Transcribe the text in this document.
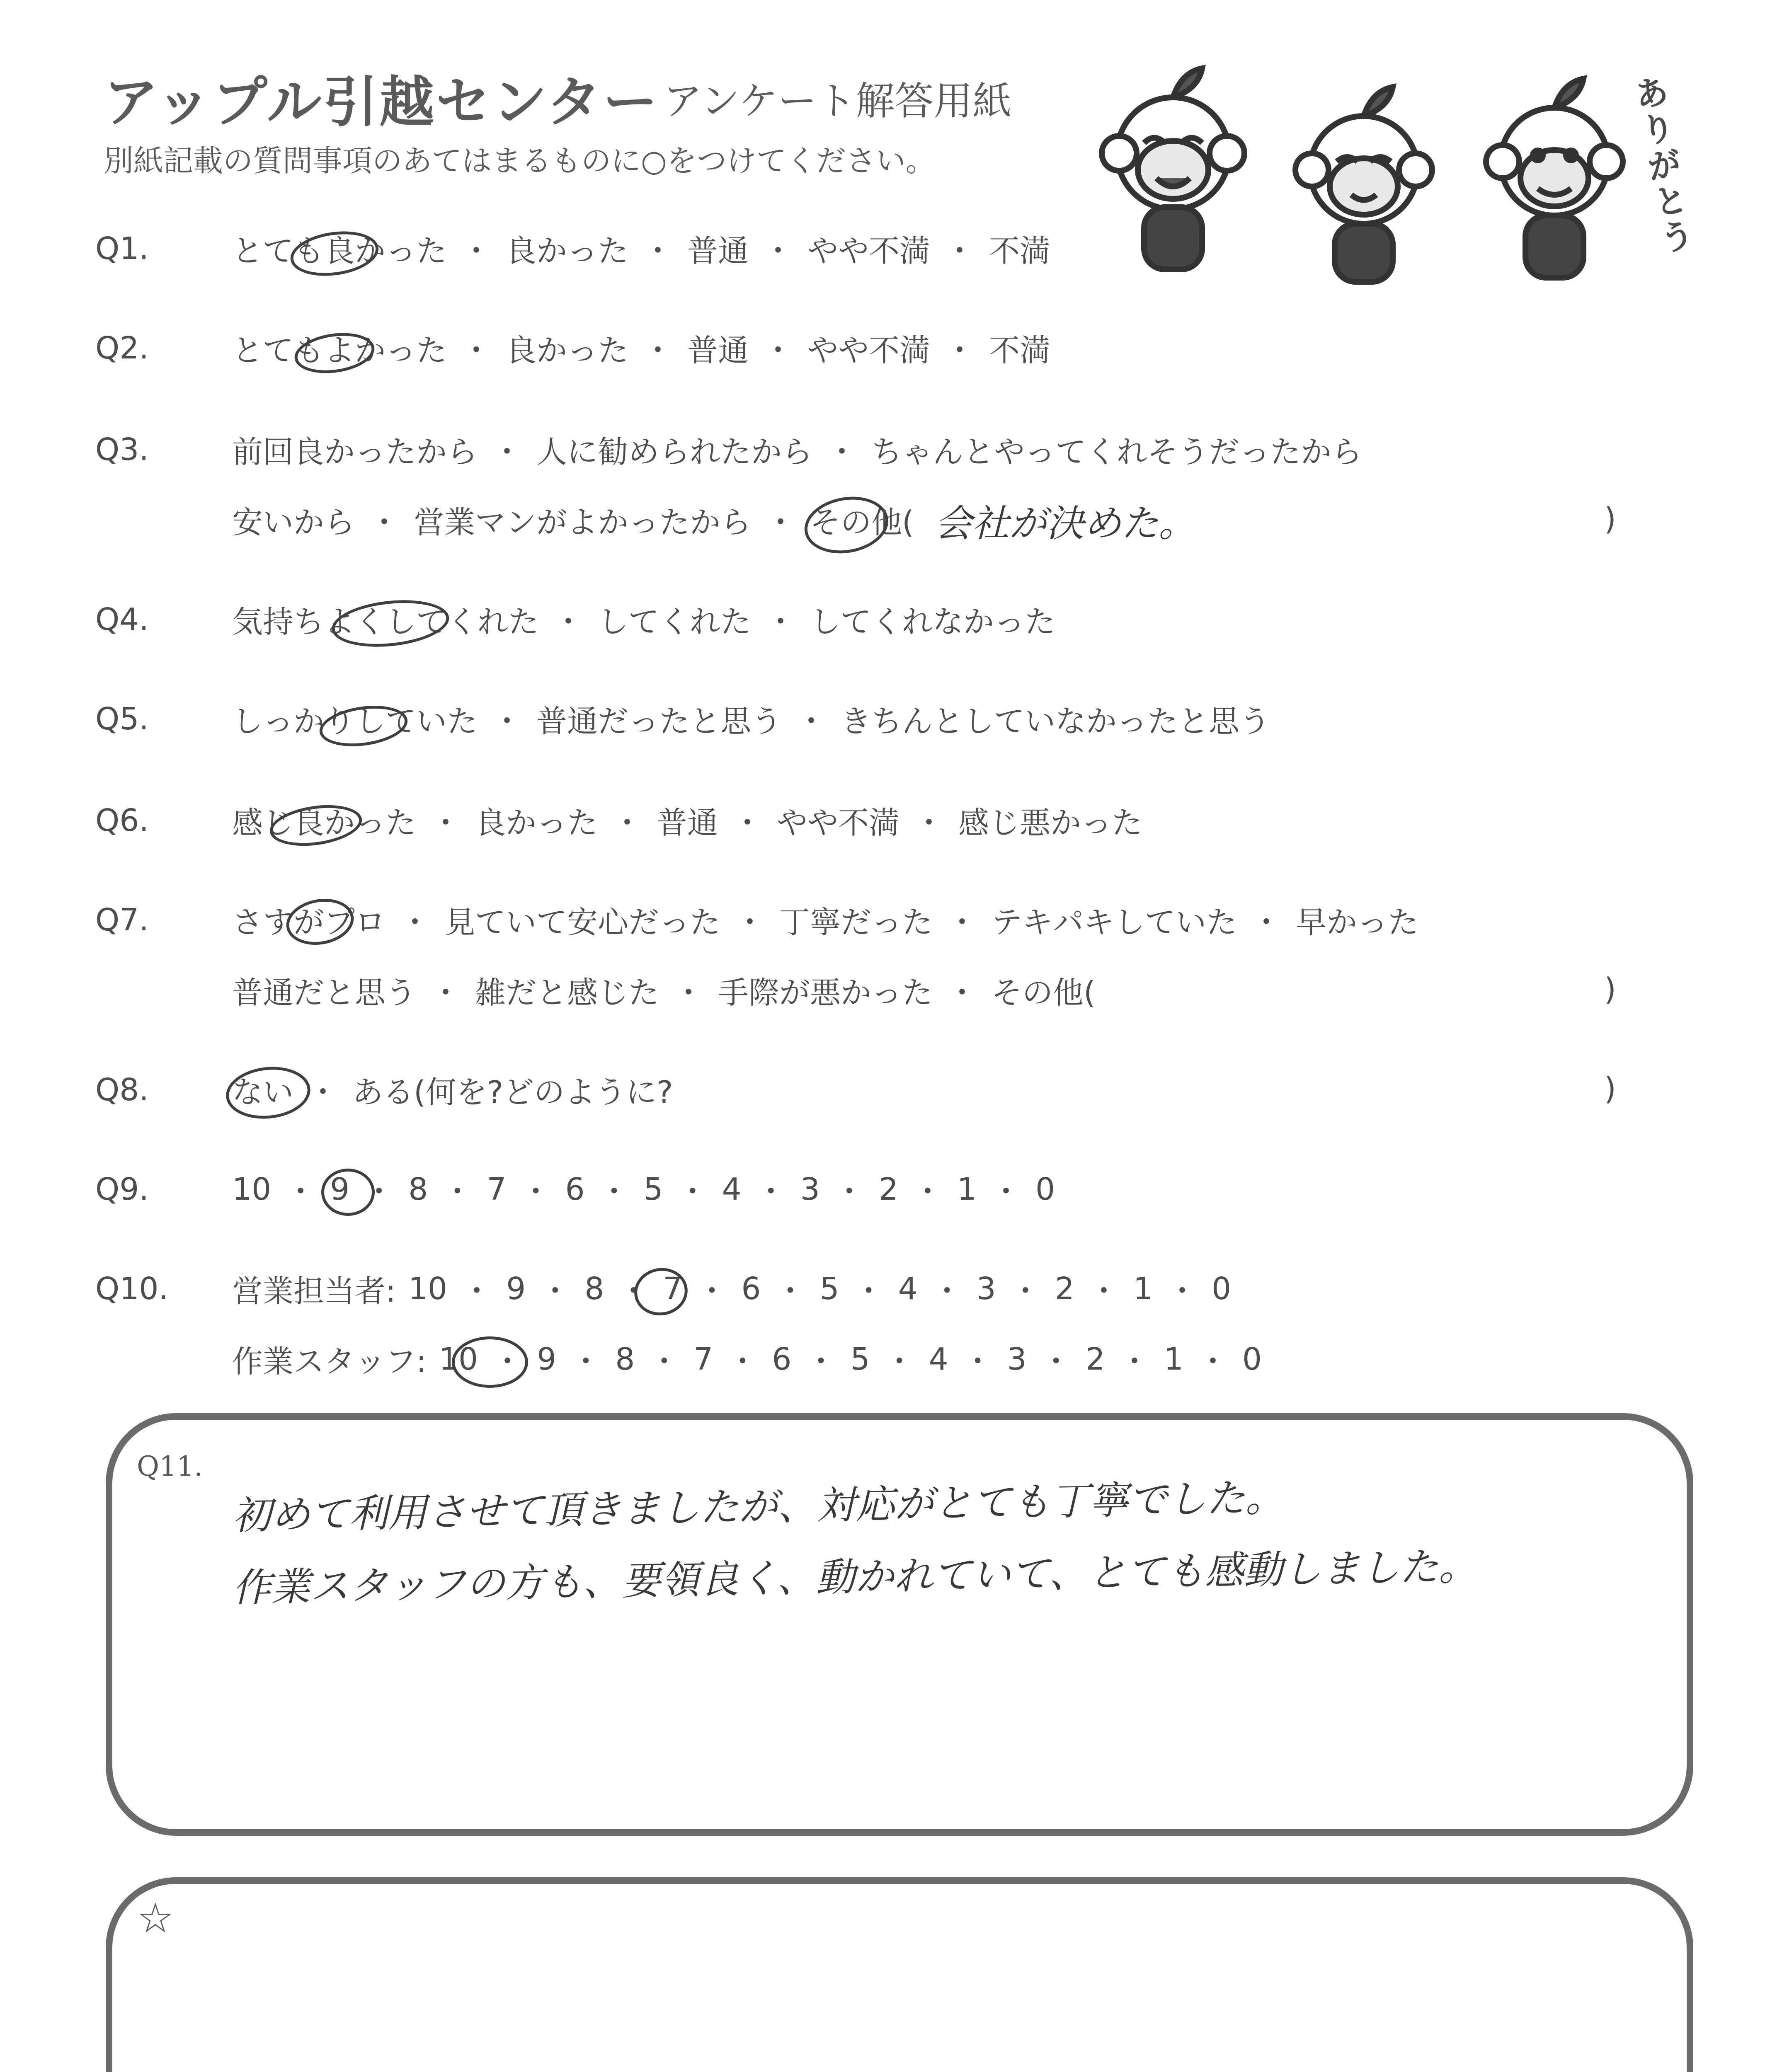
アップル引越センター アンケート解答用紙
別紙記載の質問事項のあてはまるものに○をつけてください。	ありがとう
Q1.	とても良かった ・ 良かった ・ 普通 ・ やや不満 ・ 不満
Q2.	とてもよかった ・ 良かった ・ 普通 ・ やや不満 ・ 不満
Q3.	前回良かったから ・ 人に勧められたから ・ ちゃんとやってくれそうだったから
安いから ・ 営業マンがよかったから ・ その他( 会社が決めた。	)
Q4.	気持ちよくしてくれた ・ してくれた ・ してくれなかった
Q5.	しっかりしていた ・ 普通だったと思う ・ きちんとしていなかったと思う
Q6.	感じ良かった ・ 良かった ・ 普通 ・ やや不満 ・ 感じ悪かった
Q7.	さすがプロ ・ 見ていて安心だった ・ 丁寧だった ・ テキパキしていた ・ 早かった
普通だと思う ・ 雑だと感じた ・ 手際が悪かった ・ その他(	)
Q8.	ない ・ ある(何を?どのように?	)
Q9.	10 ・ 9 ・ 8 ・ 7 ・ 6 ・ 5 ・ 4 ・ 3 ・ 2 ・ 1 ・ 0
Q10.	営業担当者: 10 ・ 9 ・ 8 ・ 7 ・ 6 ・ 5 ・ 4 ・ 3 ・ 2 ・ 1 ・ 0
作業スタッフ: 10 ・ 9 ・ 8 ・ 7 ・ 6 ・ 5 ・ 4 ・ 3 ・ 2 ・ 1 ・ 0
Q11.
初めて利用させて頂きましたが、対応がとても丁寧でした。
作業スタッフの方も、要領良く、動かれていて、とても感動しました。
☆
